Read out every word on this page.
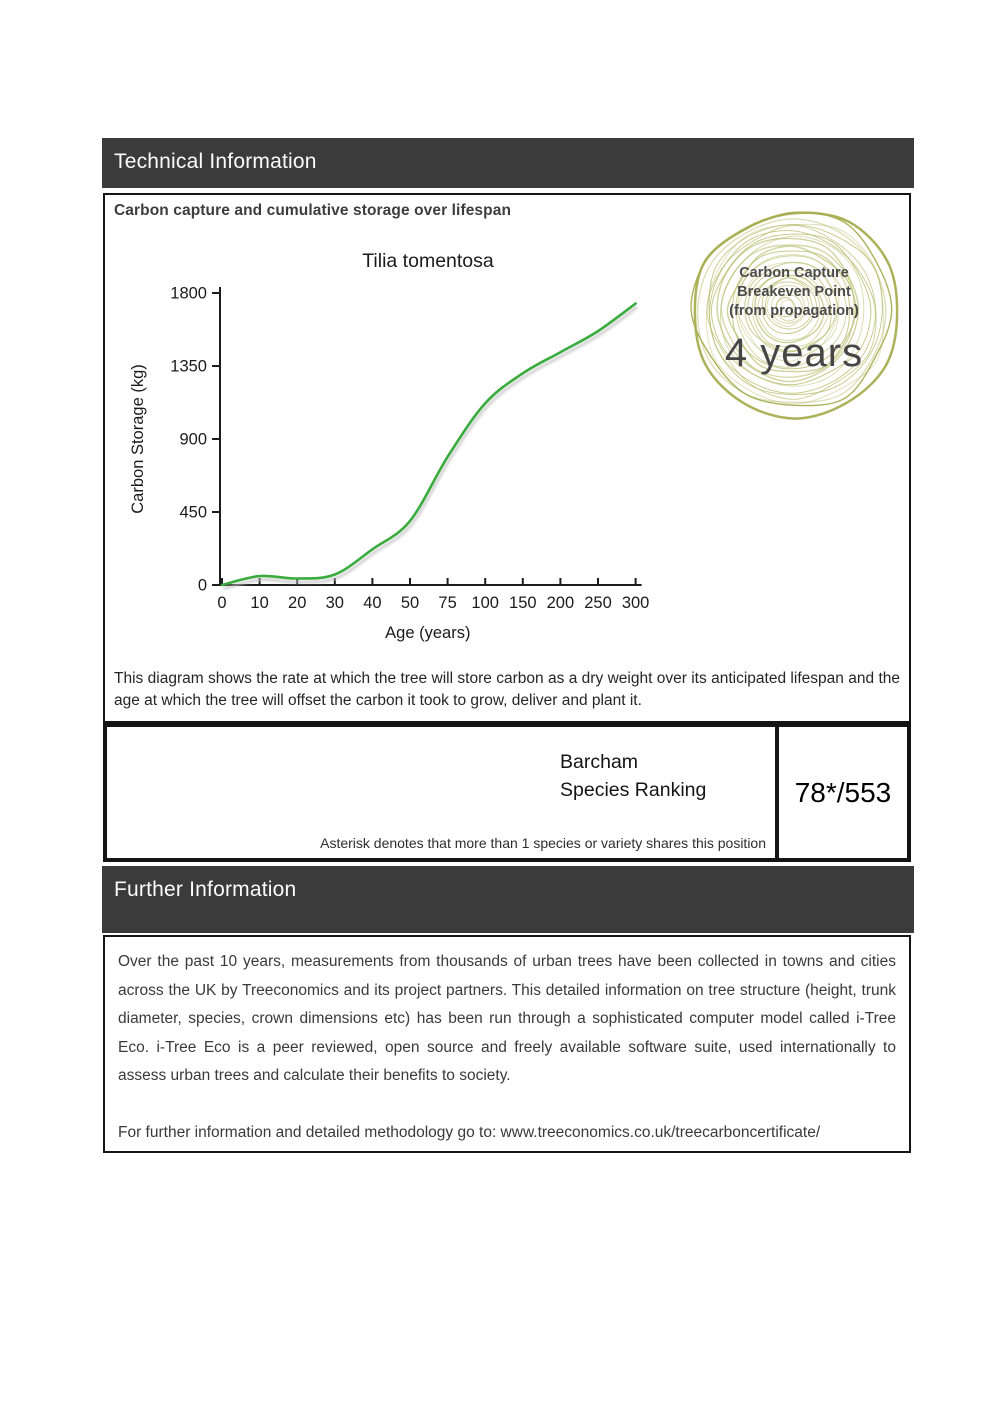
Technical Information
Carbon capture and cumulative storage over lifespan
Tilia tomentosa
0
450
900
1350
1800
0 10 20 30 40 50 75 100 150 200 250 300
Age (years)
Carbon Storage (kg)
Carbon Capture
Breakeven Point
(from propagation)
4 years
This diagram shows the rate at which the tree will store carbon as a dry weight over its anticipated lifespan and the age at which the tree will offset the carbon it took to grow, deliver and plant it.
Barcham
Species Ranking
Asterisk denotes that more than 1 species or variety shares this position
78*/553
Further Information

Over the past 10 years, measurements from thousands of urban trees have been collected in towns and cities across the UK by Treeconomics and its project partners. This detailed information on tree structure (height, trunk diameter, species, crown dimensions etc) has been run through a sophisticated computer model called i-Tree Eco. i-Tree Eco is a peer reviewed, open source and freely available software suite, used internationally to assess urban trees and calculate their benefits to society.

For further information and detailed methodology go to: www.treeconomics.co.uk/treecarboncertificate/
